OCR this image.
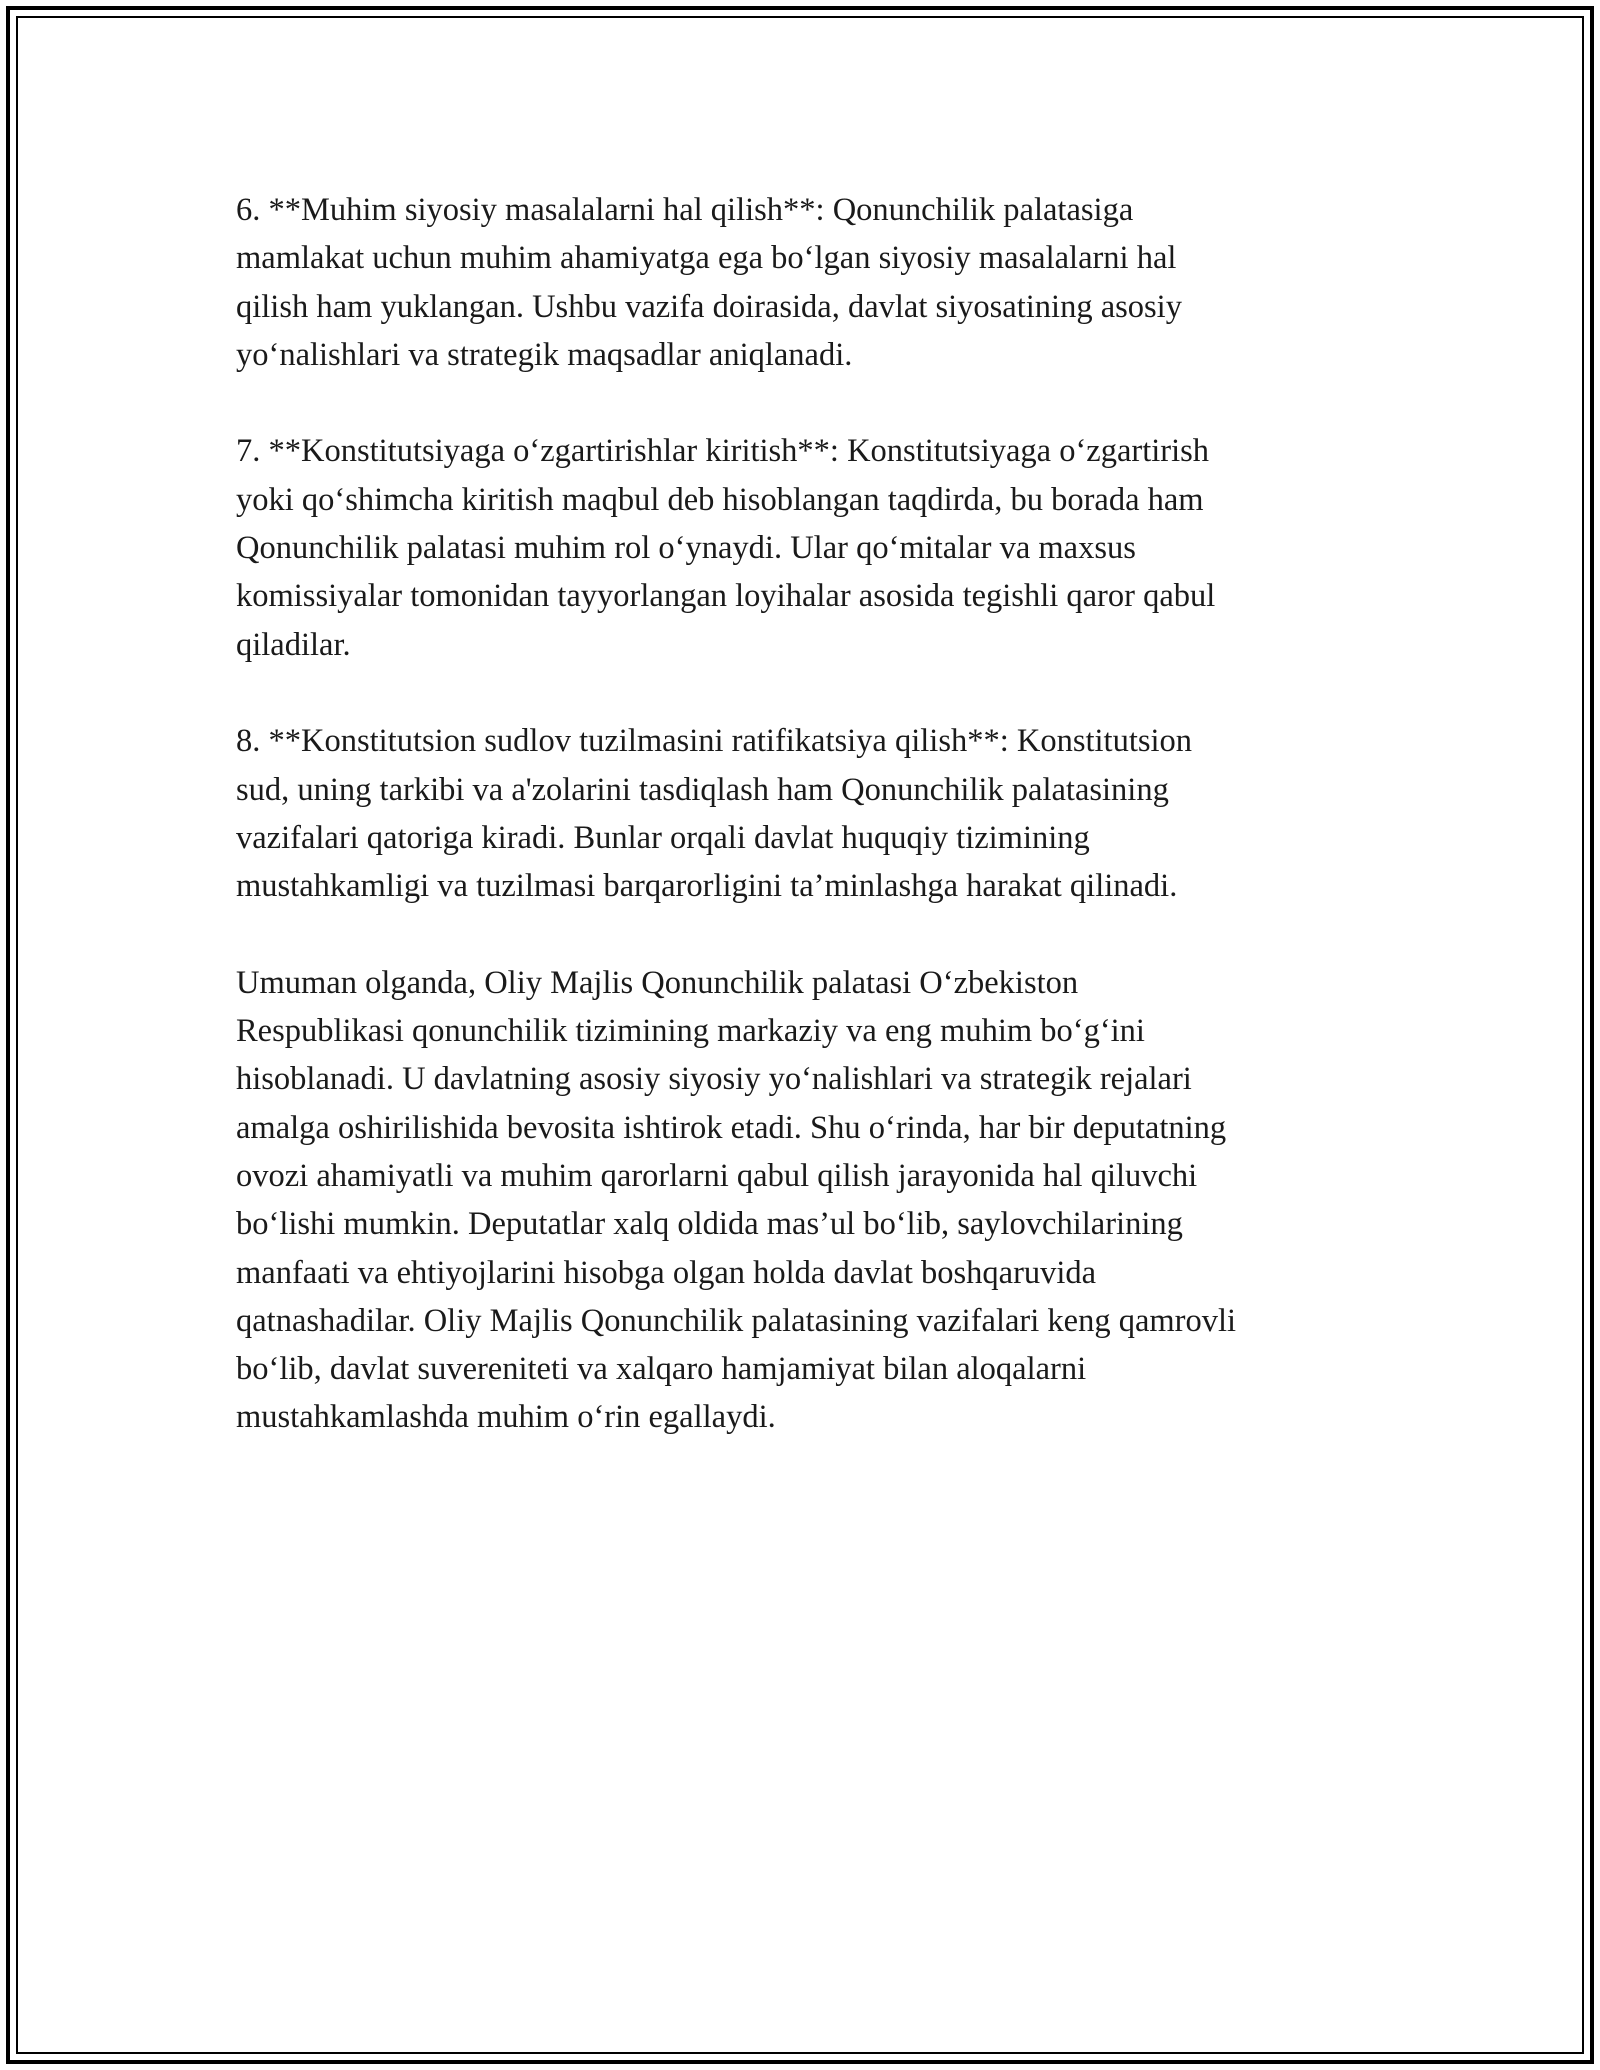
6. **Muhim siyosiy masalalarni hal qilish**: Qonunchilik palatasiga
mamlakat uchun muhim ahamiyatga ega bo‘lgan siyosiy masalalarni hal
qilish ham yuklangan. Ushbu vazifa doirasida, davlat siyosatining asosiy
yo‘nalishlari va strategik maqsadlar aniqlanadi.

7. **Konstitutsiyaga o‘zgartirishlar kiritish**: Konstitutsiyaga o‘zgartirish
yoki qo‘shimcha kiritish maqbul deb hisoblangan taqdirda, bu borada ham
Qonunchilik palatasi muhim rol o‘ynaydi. Ular qo‘mitalar va maxsus
komissiyalar tomonidan tayyorlangan loyihalar asosida tegishli qaror qabul
qiladilar.

8. **Konstitutsion sudlov tuzilmasini ratifikatsiya qilish**: Konstitutsion
sud, uning tarkibi va a'zolarini tasdiqlash ham Qonunchilik palatasining
vazifalari qatoriga kiradi. Bunlar orqali davlat huquqiy tizimining
mustahkamligi va tuzilmasi barqarorligini ta’minlashga harakat qilinadi.

Umuman olganda, Oliy Majlis Qonunchilik palatasi O‘zbekiston
Respublikasi qonunchilik tizimining markaziy va eng muhim bo‘g‘ini
hisoblanadi. U davlatning asosiy siyosiy yo‘nalishlari va strategik rejalari
amalga oshirilishida bevosita ishtirok etadi. Shu o‘rinda, har bir deputatning
ovozi ahamiyatli va muhim qarorlarni qabul qilish jarayonida hal qiluvchi
bo‘lishi mumkin. Deputatlar xalq oldida mas’ul bo‘lib, saylovchilarining
manfaati va ehtiyojlarini hisobga olgan holda davlat boshqaruvida
qatnashadilar. Oliy Majlis Qonunchilik palatasining vazifalari keng qamrovli
bo‘lib, davlat suvereniteti va xalqaro hamjamiyat bilan aloqalarni
mustahkamlashda muhim o‘rin egallaydi.
